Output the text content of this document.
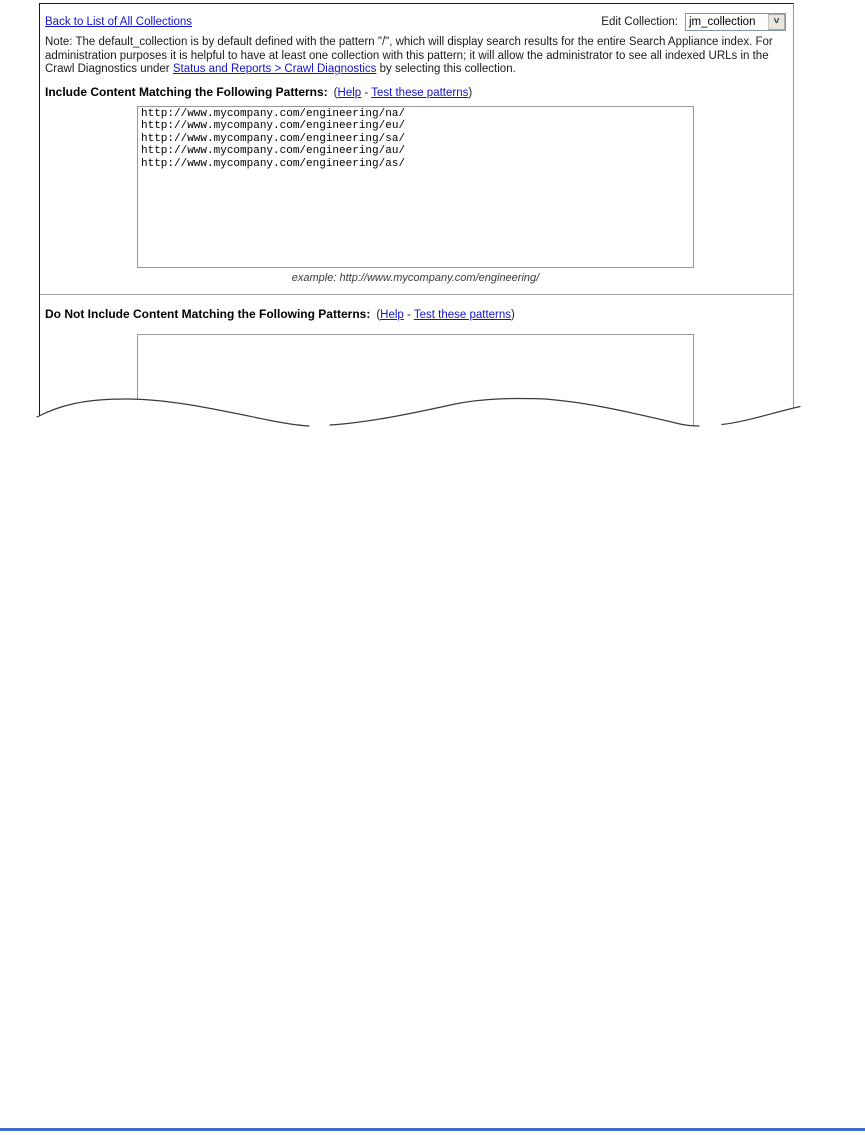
Back to List of All Collections	Edit Collection: jm_collection	˅

Note: The default_collection is by default defined with the pattern "/", which will display search results for the entire Search Appliance index. For administration purposes it is helpful to have at least one collection with this pattern; it will allow the administrator to see all indexed URLs in the Crawl Diagnostics under Status and Reports > Crawl Diagnostics by selecting this collection.

Include Content Matching the Following Patterns: (Help - Test these patterns)
http://www.mycompany.com/engineering/na/ http://www.mycompany.com/engineering/eu/ http://www.mycompany.com/engineering/sa/ http://www.mycompany.com/engineering/au/ http://www.mycompany.com/engineering/as/
example: http://www.mycompany.com/engineering/
Do Not Include Content Matching the Following Patterns: (Help - Test these patterns)
